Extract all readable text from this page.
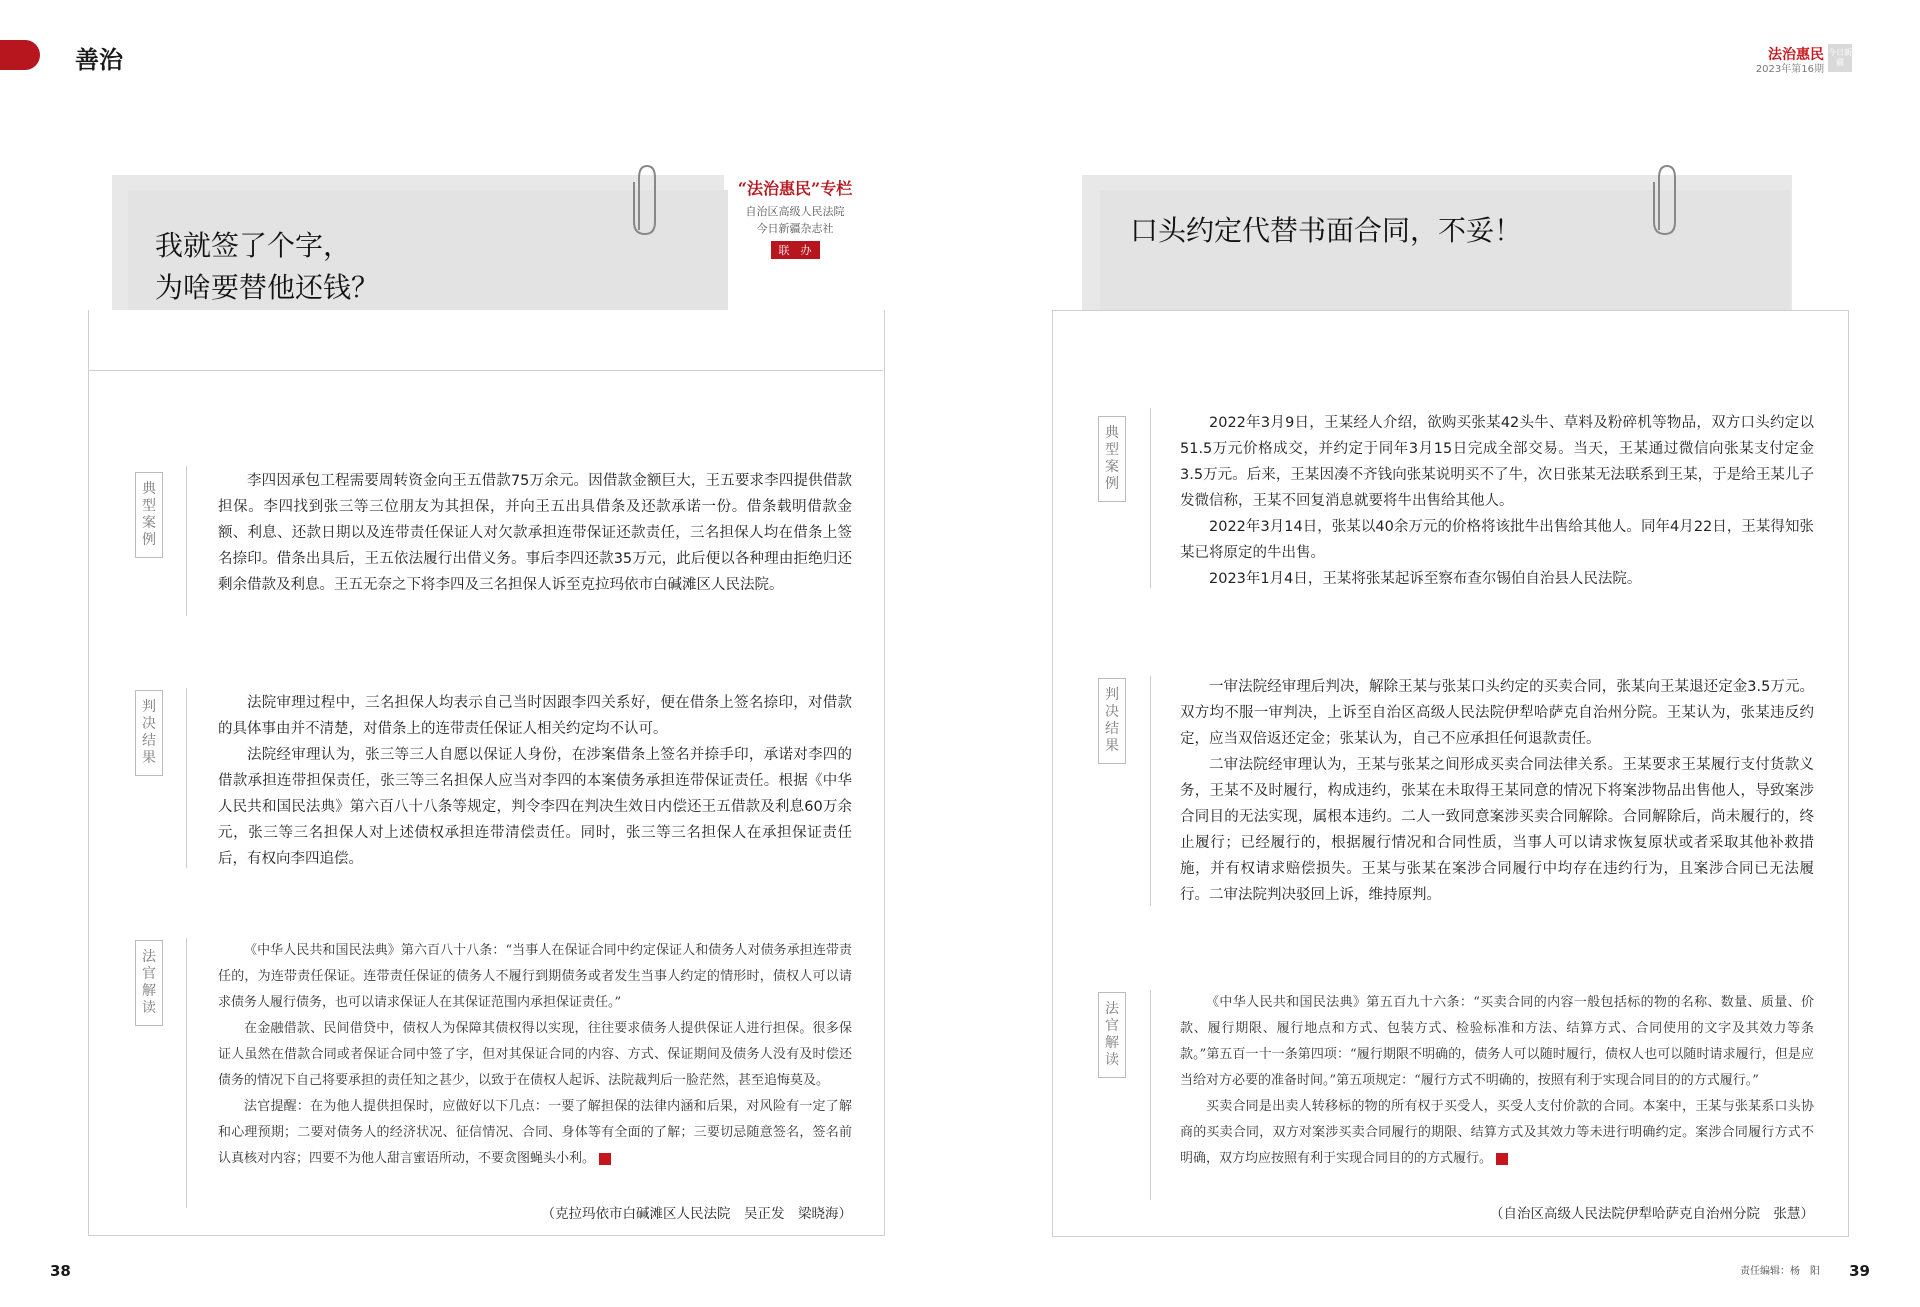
善治	法治惠民
2023年第16期
今日新疆
我就签了个字，
为啥要替他还钱？
“法治惠民”专栏
自治区高级人民法院
今日新疆杂志社
联　办
典型案例
判决结果
法官解读

李四因承包工程需要周转资金向王五借款75万余元。因借款金额巨大，王五要求李四提供借款担保。李四找到张三等三位朋友为其担保，并向王五出具借条及还款承诺一份。借条载明借款金额、利息、还款日期以及连带责任保证人对欠款承担连带保证还款责任，三名担保人均在借条上签名捺印。借条出具后，王五依法履行出借义务。事后李四还款35万元，此后便以各种理由拒绝归还剩余借款及利息。王五无奈之下将李四及三名担保人诉至克拉玛依市白碱滩区人民法院。

法院审理过程中，三名担保人均表示自己当时因跟李四关系好，便在借条上签名捺印，对借款的具体事由并不清楚，对借条上的连带责任保证人相关约定均不认可。

法院经审理认为，张三等三人自愿以保证人身份，在涉案借条上签名并捺手印，承诺对李四的借款承担连带担保责任，张三等三名担保人应当对李四的本案债务承担连带保证责任。根据《中华人民共和国民法典》第六百八十八条等规定，判令李四在判决生效日内偿还王五借款及利息60万余元，张三等三名担保人对上述债权承担连带清偿责任。同时，张三等三名担保人在承担保证责任后，有权向李四追偿。

《中华人民共和国民法典》第六百八十八条：“当事人在保证合同中约定保证人和债务人对债务承担连带责任的，为连带责任保证。连带责任保证的债务人不履行到期债务或者发生当事人约定的情形时，债权人可以请求债务人履行债务，也可以请求保证人在其保证范围内承担保证责任。”

在金融借款、民间借贷中，债权人为保障其债权得以实现，往往要求债务人提供保证人进行担保。很多保证人虽然在借款合同或者保证合同中签了字，但对其保证合同的内容、方式、保证期间及债务人没有及时偿还债务的情况下自己将要承担的责任知之甚少，以致于在债权人起诉、法院裁判后一脸茫然，甚至追悔莫及。

法官提醒：在为他人提供担保时，应做好以下几点：一要了解担保的法律内涵和后果，对风险有一定了解和心理预期；二要对债务人的经济状况、征信情况、合同、身体等有全面的了解；三要切忌随意签名，签名前认真核对内容；四要不为他人甜言蜜语所动，不要贪图蝇头小利。

（克拉玛依市白碱滩区人民法院　吴正发　梁晓海）
38
口头约定代替书面合同，不妥！
典型案例
判决结果
法官解读

2022年3月9日，王某经人介绍，欲购买张某42头牛、草料及粉碎机等物品，双方口头约定以51.5万元价格成交，并约定于同年3月15日完成全部交易。当天，王某通过微信向张某支付定金3.5万元。后来，王某因凑不齐钱向张某说明买不了牛，次日张某无法联系到王某，于是给王某儿子发微信称，王某不回复消息就要将牛出售给其他人。

2022年3月14日，张某以40余万元的价格将该批牛出售给其他人。同年4月22日，王某得知张某已将原定的牛出售。

2023年1月4日，王某将张某起诉至察布查尔锡伯自治县人民法院。

一审法院经审理后判决，解除王某与张某口头约定的买卖合同，张某向王某退还定金3.5万元。双方均不服一审判决，上诉至自治区高级人民法院伊犁哈萨克自治州分院。王某认为，张某违反约定，应当双倍返还定金；张某认为，自己不应承担任何退款责任。

二审法院经审理认为，王某与张某之间形成买卖合同法律关系。王某要求王某履行支付货款义务，王某不及时履行，构成违约，张某在未取得王某同意的情况下将案涉物品出售他人，导致案涉合同目的无法实现，属根本违约。二人一致同意案涉买卖合同解除。合同解除后，尚未履行的，终止履行；已经履行的，根据履行情况和合同性质，当事人可以请求恢复原状或者采取其他补救措施，并有权请求赔偿损失。王某与张某在案涉合同履行中均存在违约行为，且案涉合同已无法履行。二审法院判决驳回上诉，维持原判。

《中华人民共和国民法典》第五百九十六条：“买卖合同的内容一般包括标的物的名称、数量、质量、价款、履行期限、履行地点和方式、包装方式、检验标准和方法、结算方式、合同使用的文字及其效力等条款。”第五百一十一条第四项：“履行期限不明确的，债务人可以随时履行，债权人也可以随时请求履行，但是应当给对方必要的准备时间。”第五项规定：“履行方式不明确的，按照有利于实现合同目的的方式履行。”

买卖合同是出卖人转移标的物的所有权于买受人，买受人支付价款的合同。本案中，王某与张某系口头协商的买卖合同，双方对案涉买卖合同履行的期限、结算方式及其效力等未进行明确约定。案涉合同履行方式不明确，双方均应按照有利于实现合同目的的方式履行。

（自治区高级人民法院伊犁哈萨克自治州分院　张慧）
责任编辑：杨　阳 39
